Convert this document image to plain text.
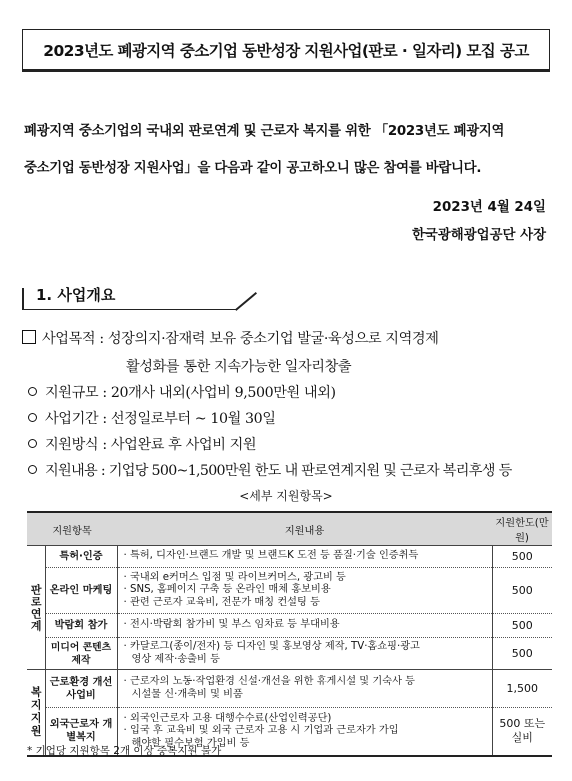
2023년도 폐광지역 중소기업 동반성장 지원사업(판로 · 일자리) 모집 공고

폐광지역 중소기업의 국내외 판로연계 및 근로자 복지를 위한 「2023년도 폐광지역

중소기업 동반성장 지원사업」을 다음과 같이 공고하오니 많은 참여를 바랍니다.

2023년 4월 24일
한국광해광업공단 사장
1. 사업개요
사업목적 : 성장의지·잠재력 보유 중소기업 발굴·육성으로 지역경제
활성화를 통한 지속가능한 일자리창출
지원규모 : 20개사 내외(사업비 9,500만원 내외)
사업기간 : 선정일로부터 ~ 10월 30일
지원방식 : 사업완료 후 사업비 지원
지원내용 : 기업당 500~1,500만원 한도 내 판로연계지원 및 근로자 복리후생 등
<세부 지원항목>
지원항목		지원내용	지원한도(만원)
판로연계	특허·인증	· 특허, 디자인·브랜드 개발 및 브랜드K 도전 등 품질·기술 인증취득	500
	온라인 마케팅	· 국내외 e커머스 입점 및 라이브커머스, 광고비 등
· SNS, 홈페이지 구축 등 온라인 매체 홍보비용
· 관련 근로자 교육비, 전문가 매칭 컨설팅 등	500
	박람회 참가	· 전시·박람회 참가비 및 부스 임차료 등 부대비용	500
	미디어 콘텐츠 제작	· 카달로그(종이/전자) 등 디자인 및 홍보영상 제작, TV·홈쇼핑·광고
영상 제작·송출비 등	500
복지지원	근로환경 개선사업비	· 근로자의 노동·작업환경 신설·개선을 위한 휴게시설 및 기숙사 등
시설물 신·개축비 및 비품	1,500
	외국근로자 개별복지	· 외국인근로자 고용 대행수수료(산업인력공단)
· 입국 후 교육비 및 외국 근로자 고용 시 기업과 근로자가 가입
해야할 필수보험 가입비 등	500 또는 실비
* 기업당 지원항목 2개 이상 중복지원 불가
